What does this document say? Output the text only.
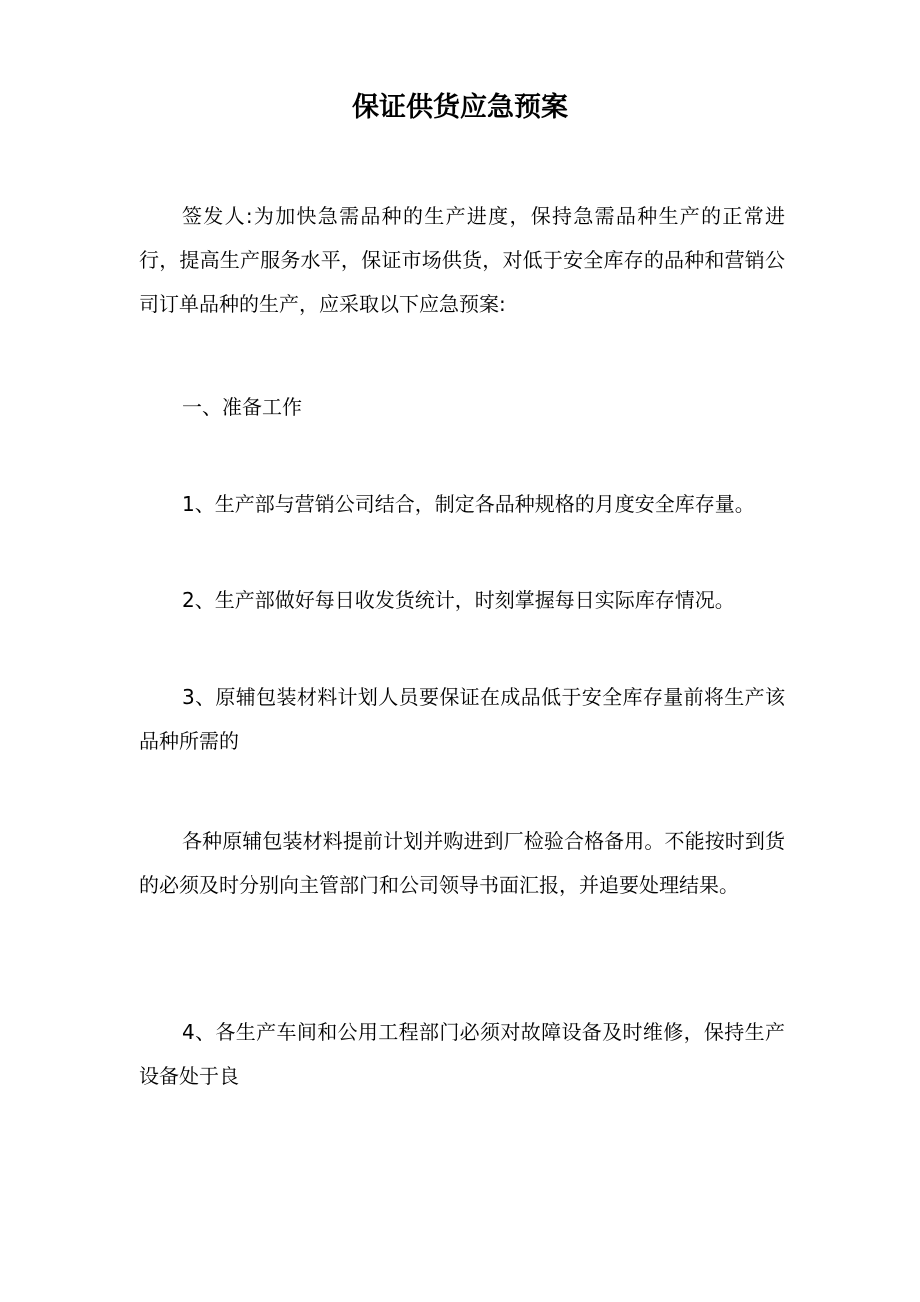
保证供货应急预案

签发人:为加快急需品种的生产进度，保持急需品种生产的正常进行，提高生产服务水平，保证市场供货，对低于安全库存的品种和营销公司订单品种的生产，应采取以下应急预案:

一、准备工作

1、生产部与营销公司结合，制定各品种规格的月度安全库存量。

2、生产部做好每日收发货统计，时刻掌握每日实际库存情况。

3、原辅包装材料计划人员要保证在成品低于安全库存量前将生产该品种所需的

各种原辅包装材料提前计划并购进到厂检验合格备用。不能按时到货的必须及时分别向主管部门和公司领导书面汇报，并追要处理结果。

4、各生产车间和公用工程部门必须对故障设备及时维修，保持生产设备处于良
